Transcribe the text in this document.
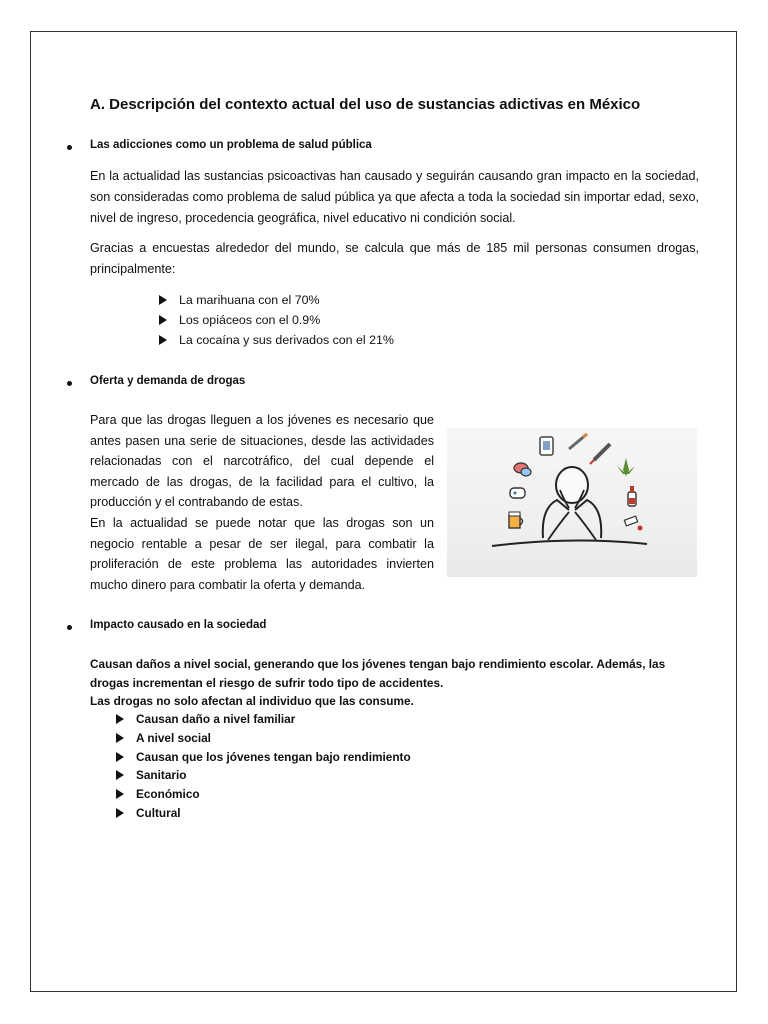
A. Descripción del contexto actual del uso de sustancias adictivas en México
Las adicciones como un problema de salud pública
En la actualidad las sustancias psicoactivas han causado y seguirán causando gran impacto en la sociedad, son consideradas como problema de salud pública ya que afecta a toda la sociedad sin importar edad, sexo, nivel de ingreso, procedencia geográfica, nivel educativo ni condición social.
Gracias a encuestas alrededor del mundo, se calcula que más de 185 mil personas consumen drogas, principalmente:
La marihuana con el 70%
Los opiáceos con el 0.9%
La cocaína y sus derivados con el 21%
Oferta y demanda de drogas
Para que las drogas lleguen a los jóvenes es necesario que antes pasen una serie de situaciones, desde las actividades relacionadas con el narcotráfico, del cual depende el mercado de las drogas, de la facilidad para el cultivo, la producción y el contrabando de estas.
En la actualidad se puede notar que las drogas son un negocio rentable a pesar de ser ilegal, para combatir la proliferación de este problema las autoridades invierten mucho dinero para combatir la oferta y demanda.
Impacto causado en la sociedad
Causan daños a nivel social, generando que los jóvenes tengan bajo rendimiento escolar. Además, las drogas incrementan el riesgo de sufrir todo tipo de accidentes.
Las drogas no solo afectan al individuo que las consume.
Causan daño a nivel familiar
A nivel social
Causan que los jóvenes tengan bajo rendimiento
Sanitario
Económico
Cultural
